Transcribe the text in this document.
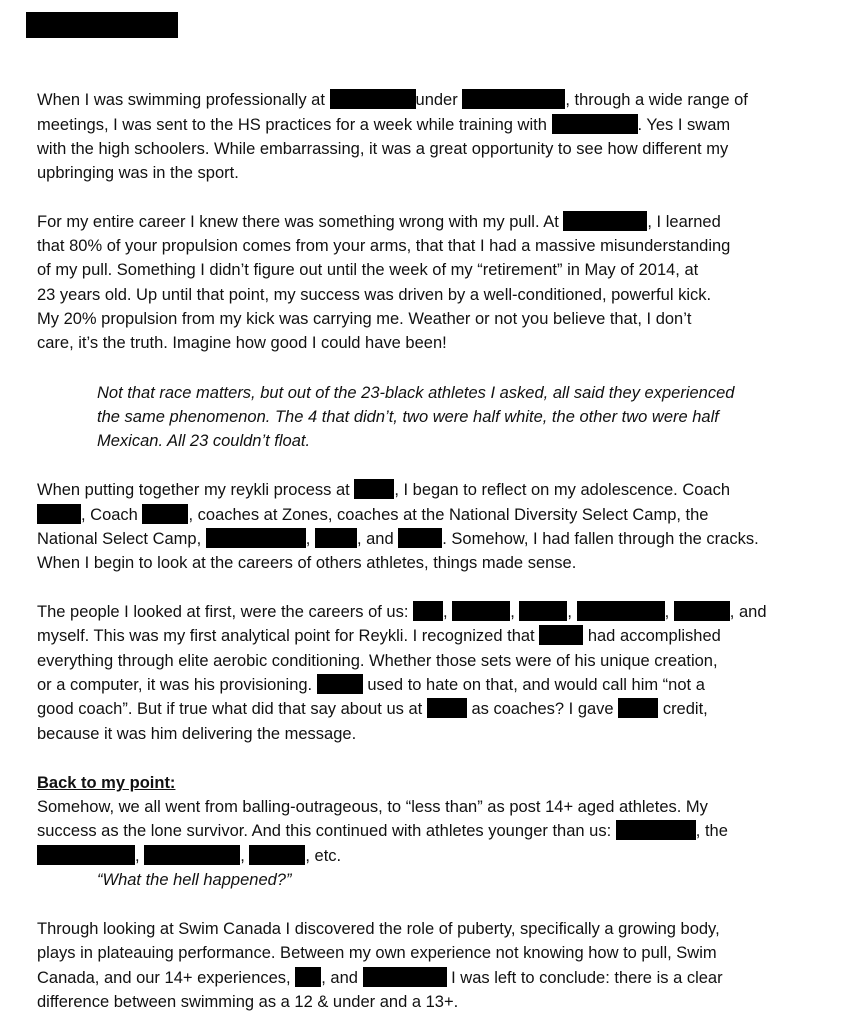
When I was swimming professionally at	under	, through a wide range of
meetings, I was sent to the HS practices for a week while training with	. Yes I swam
with the high schoolers. While embarrassing, it was a great opportunity to see how different my
upbringing was in the sport.
For my entire career I knew there was something wrong with my pull. At	, I learned
that 80% of your propulsion comes from your arms, that that I had a massive misunderstanding
of my pull. Something I didn’t figure out until the week of my “retirement” in May of 2014, at
23 years old. Up until that point, my success was driven by a well-conditioned, powerful kick.
My 20% propulsion from my kick was carrying me. Weather or not you believe that, I don’t
care, it’s the truth. Imagine how good I could have been!
Not that race matters, but out of the 23-black athletes I asked, all said they experienced
the same phenomenon. The 4 that didn’t, two were half white, the other two were half
Mexican. All 23 couldn’t float.
When putting together my reykli process at	, I began to reflect on my adolescence. Coach
, Coach	, coaches at Zones, coaches at the National Diversity Select Camp, the
National Select Camp,	,	, and	. Somehow, I had fallen through the cracks.
When I begin to look at the careers of others athletes, things made sense.
The people I looked at first, were the careers of us: ,	,	,	,	, and
myself. This was my first analytical point for Reykli. I recognized that	had accomplished
everything through elite aerobic conditioning. Whether those sets were of his unique creation,
or a computer, it was his provisioning.	used to hate on that, and would call him “not a
good coach”. But if true what did that say about us at	as coaches? I gave	credit,
because it was him delivering the message.
Back to my point:
Somehow, we all went from balling-outrageous, to “less than” as post 14+ aged athletes. My
success as the lone survivor. And this continued with athletes younger than us:	, the
,	,	, etc.
“What the hell happened?”
Through looking at Swim Canada I discovered the role of puberty, specifically a growing body,
plays in plateauing performance. Between my own experience not knowing how to pull, Swim
Canada, and our 14+ experiences, , and	I was left to conclude: there is a clear
difference between swimming as a 12 & under and a 13+.
